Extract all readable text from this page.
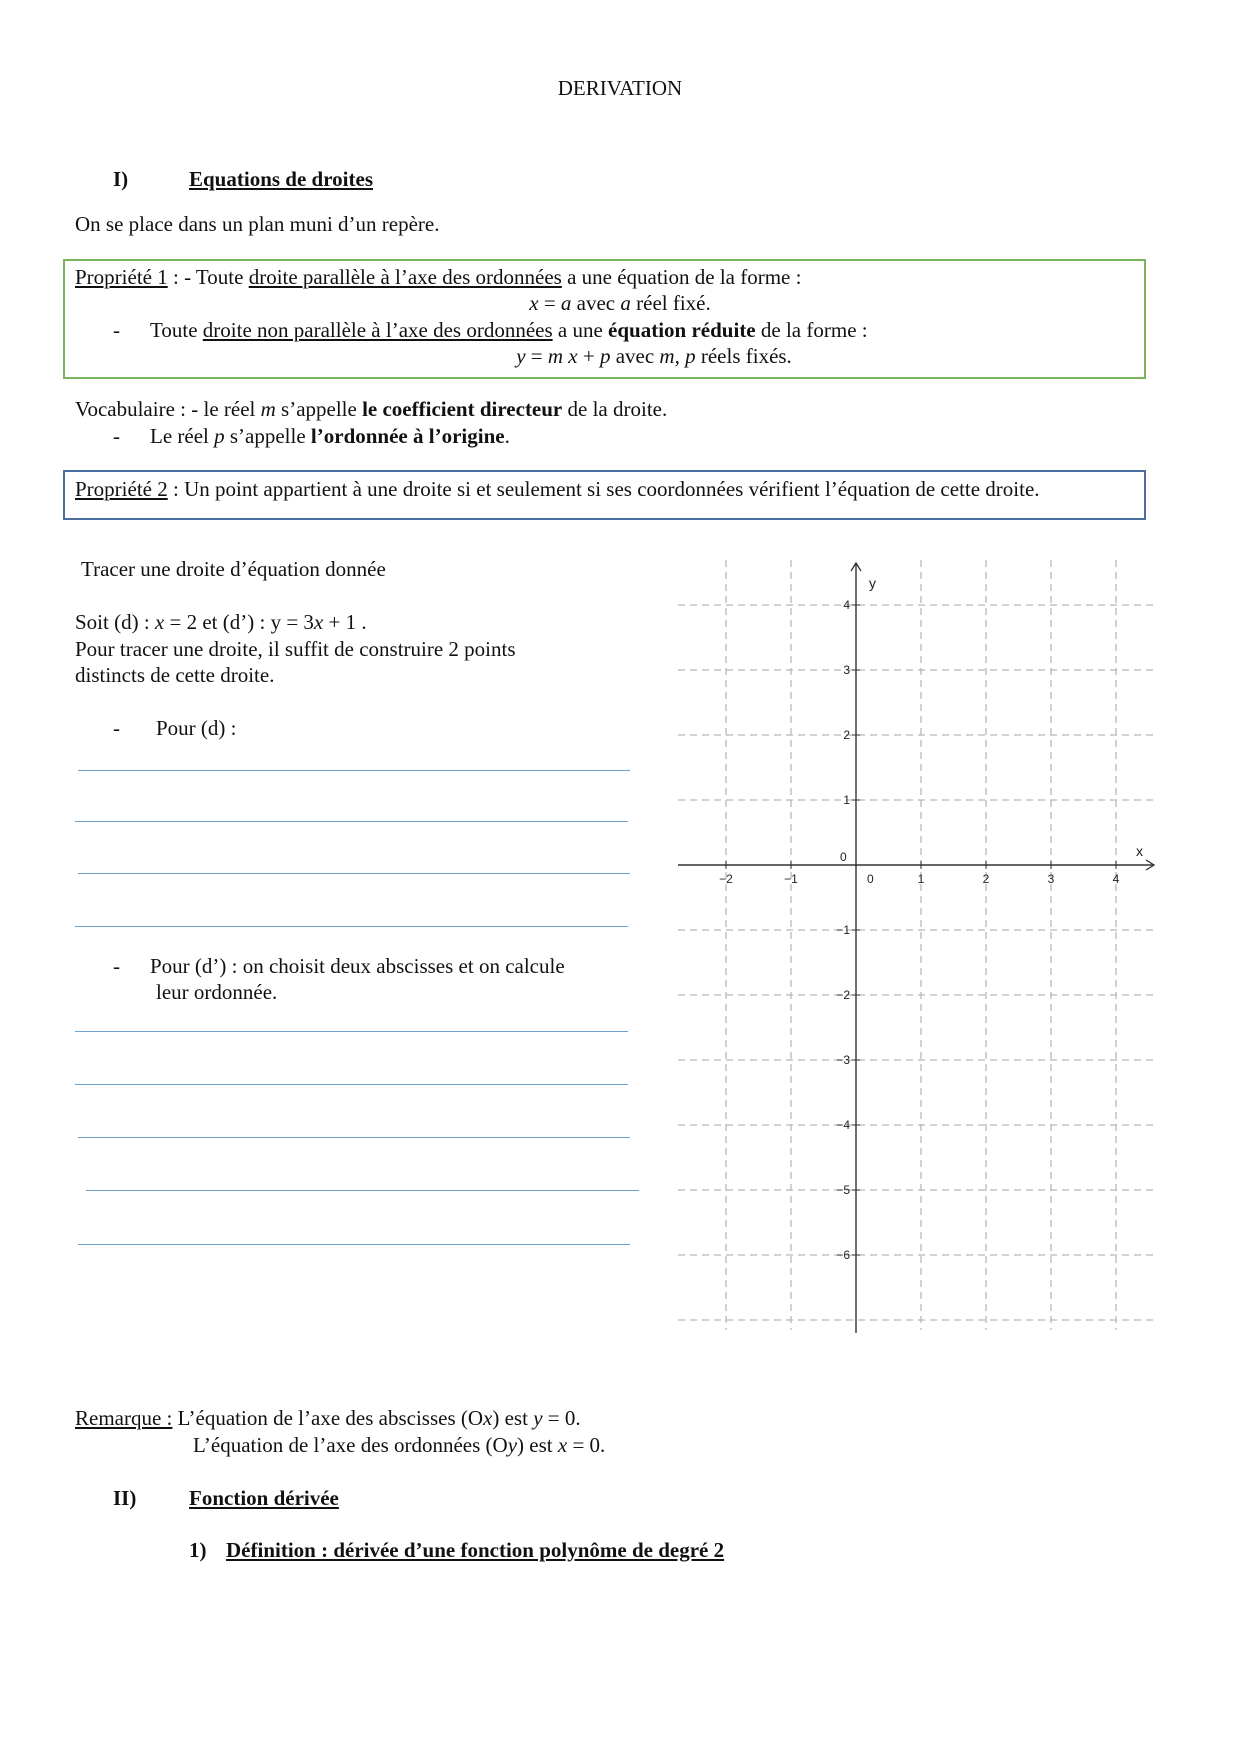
DERIVATION
I)	Equations de droites
On se place dans un plan muni d’un repère.
Propriété 1 : - Toute droite parallèle à l’axe des ordonnées a une équation de la forme :
x = a avec a réel fixé.
- Toute droite non parallèle à l’axe des ordonnées a une équation réduite de la forme :
y = m x + p avec m, p réels fixés.
Vocabulaire : - le réel m s’appelle le coefficient directeur de la droite.
- Le réel p s’appelle l’ordonnée à l’origine.
Propriété 2 : Un point appartient à une droite si et seulement si ses coordonnées vérifient l’équation de cette droite.
Tracer une droite d’équation donnée
Soit (d) : x = 2 et (d’) : y = 3x + 1 .
Pour tracer une droite, il suffit de construire 2 points
distincts de cette droite.
- Pour (d) :
- Pour (d’) : on choisit deux abscisses et on calcule
leur ordonnée.
x
y
0
−2	−1	1	2	3	4
0
4
3
2
1
−1
−2
−3
−4
−5
−6
Remarque : L’équation de l’axe des abscisses (Ox) est y = 0.
L’équation de l’axe des ordonnées (Oy) est x = 0.
II)	Fonction dérivée
1) Définition : dérivée d’une fonction polynôme de degré 2
